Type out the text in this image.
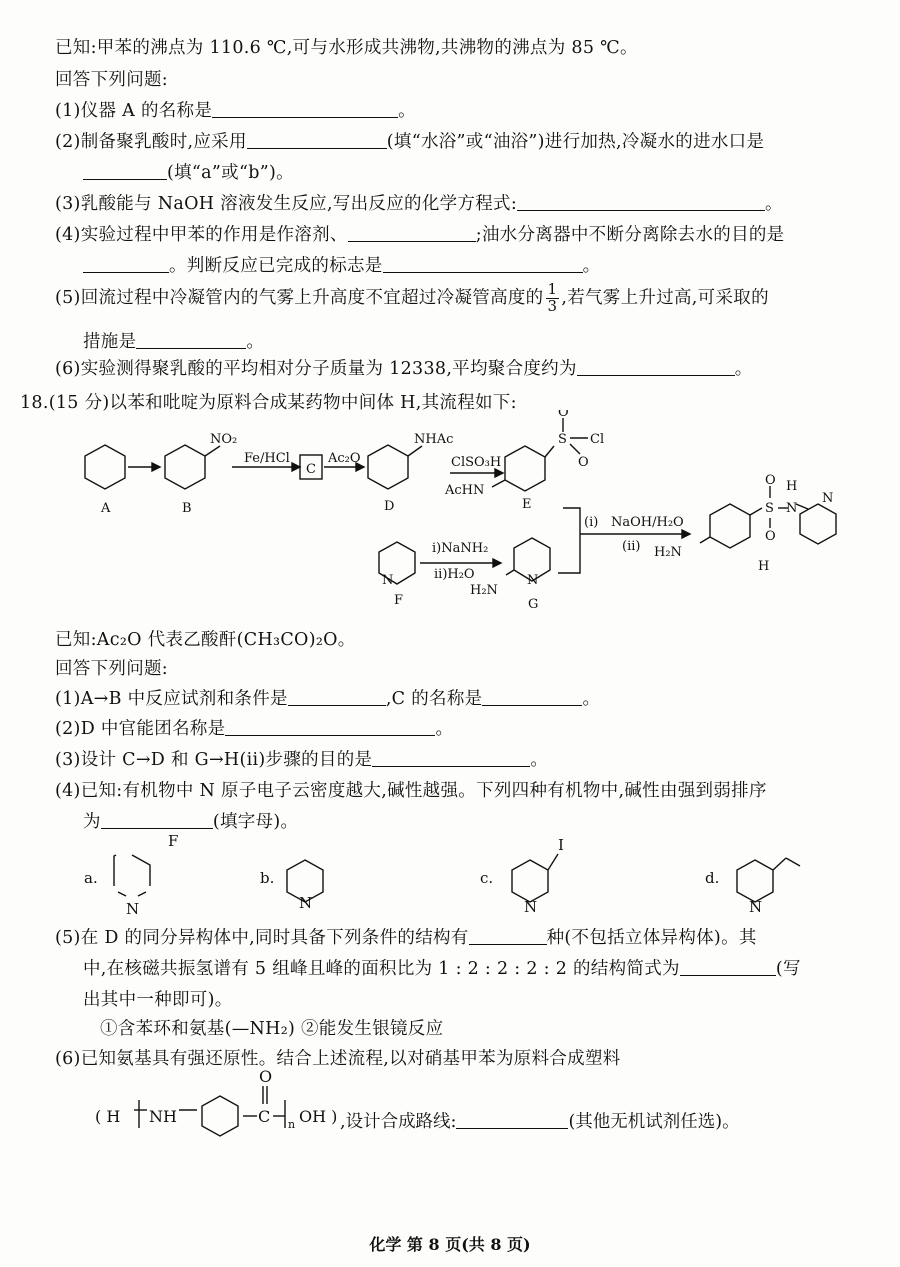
已知:甲苯的沸点为 110.6 ℃,可与水形成共沸物,共沸物的沸点为 85 ℃。
回答下列问题:
(1)仪器 A 的名称是	。
(2)制备聚乳酸时,应采用	(填“水浴”或“油浴”)进行加热,冷凝水的进水口是
(填“a”或“b”)。
(3)乳酸能与 NaOH 溶液发生反应,写出反应的化学方程式:	。
(4)实验过程中甲苯的作用是作溶剂、	;油水分离器中不断分离除去水的目的是
。判断反应已完成的标志是	。
(5)回流过程中冷凝管内的气雾上升高度不宜超过冷凝管高度的 $\frac{1}{3}$ ,若气雾上升过高,可采取的
措施是	。
(6)实验测得聚乳酸的平均相对分子质量为 12338,平均聚合度约为	。
18.(15 分)以苯和吡啶为原料合成某药物中间体 H,其流程如下:
NO₂
Fe/HCl
C
Ac₂O
NHAc
ClSO₃H
AcHN
O
S Cl
O
i)NaNH₂
ii)H₂O
H₂N
N
N
(i) NaOH/H₂O
(ii) H₂N
S
O
O
H
N
N
A	B	D	E
F	G
H
已知:Ac₂O 代表乙酸酐(CH₃CO)₂O。
回答下列问题:
(1)A→B 中反应试剂和条件是	,C 的名称是	。
(2)D 中官能团名称是	。
(3)设计 C→D 和 G→H(ii)步骤的目的是	。
(4)已知:有机物中 N 原子电子云密度越大,碱性越强。下列四种有机物中,碱性由强到弱排序
为	(填字母)。
a.
F
N
b.
N
c.
I
N
d.
N
(5)在 D 的同分异构体中,同时具备下列条件的结构有	种(不包括立体异构体)。其
中,在核磁共振氢谱有 5 组峰且峰的面积比为 1 : 2 : 2 : 2 : 2 的结构简式为	(写
出其中一种即可)。
①含苯环和氨基(—NH₂) ②能发生银镜反应
(6)已知氨基具有强还原性。结合上述流程,以对硝基甲苯为原料合成塑料
( H NH	C
O
n OH ) ,设计合成路线:	(其他无机试剂任选)。
化学 第 8 页(共 8 页)
